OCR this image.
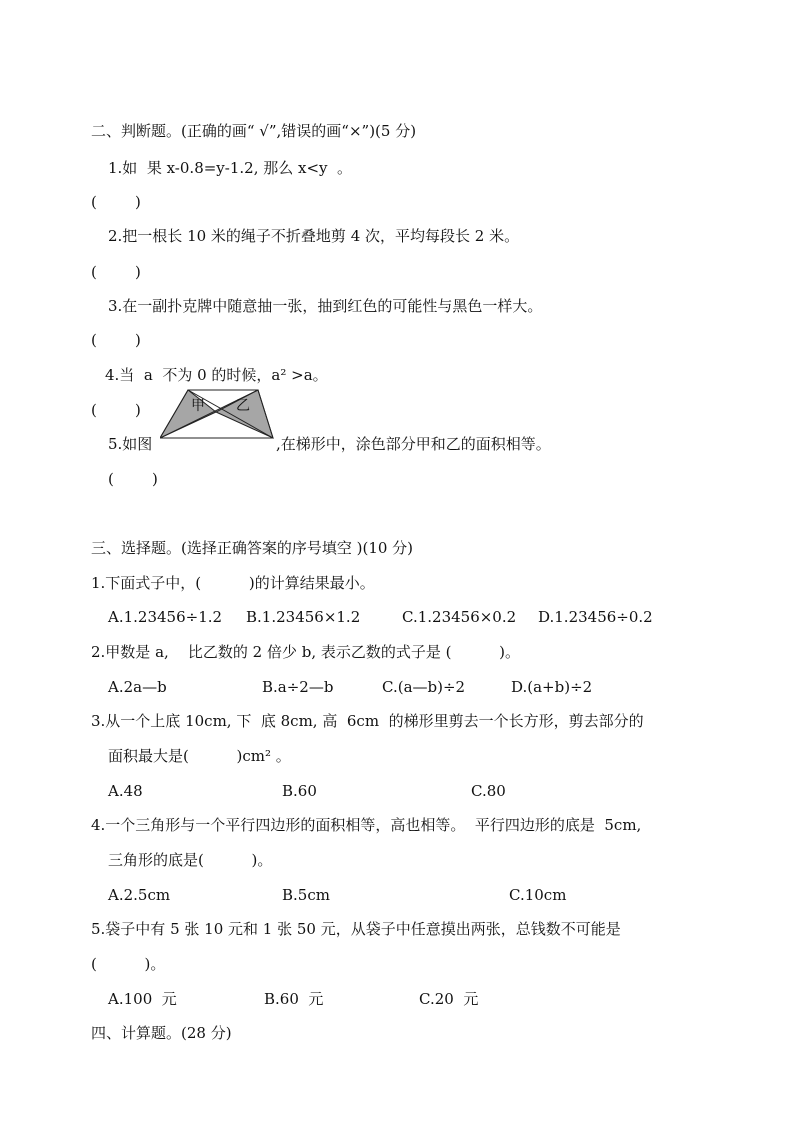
二、判断题。(正确的画“ √”,错误的画“×”)(5 分)
1.如  果 x-0.8=y-1.2, 那么 x<y  。
(        )
2.把一根长 10 米的绳子不折叠地剪 4 次，平均每段长 2 米。
(        )
3.在一副扑克牌中随意抽一张，抽到红色的可能性与黑色一样大。
(        )
4.当  a  不为 0 的时候，a² >a。
(        )	甲 乙
5.如图	,在梯形中，涂色部分甲和乙的面积相等。
(        )
三、选择题。(选择正确答案的序号填空 )(10 分)
1.下面式子中，(          )的计算结果最小。
A.1.23456÷1.2 B.1.23456×1.2	C.1.23456×0.2 D.1.23456÷0.2
2.甲数是 a,    比乙数的 2 倍少 b, 表示乙数的式子是 (          )。
A.2a—b	B.a÷2—b	C.(a—b)÷2	D.(a+b)÷2
3.从一个上底 10cm, 下  底 8cm, 高  6cm  的梯形里剪去一个长方形，剪去部分的
面积最大是(          )cm² 。
A.48	B.60	C.80
4.一个三角形与一个平行四边形的面积相等，高也相等。  平行四边形的底是  5cm,
三角形的底是(          )。
A.2.5cm	B.5cm	C.10cm
5.袋子中有 5 张 10 元和 1 张 50 元，从袋子中任意摸出两张，总钱数不可能是
(          )。
A.100  元	B.60  元	C.20  元
四、计算题。(28 分)
